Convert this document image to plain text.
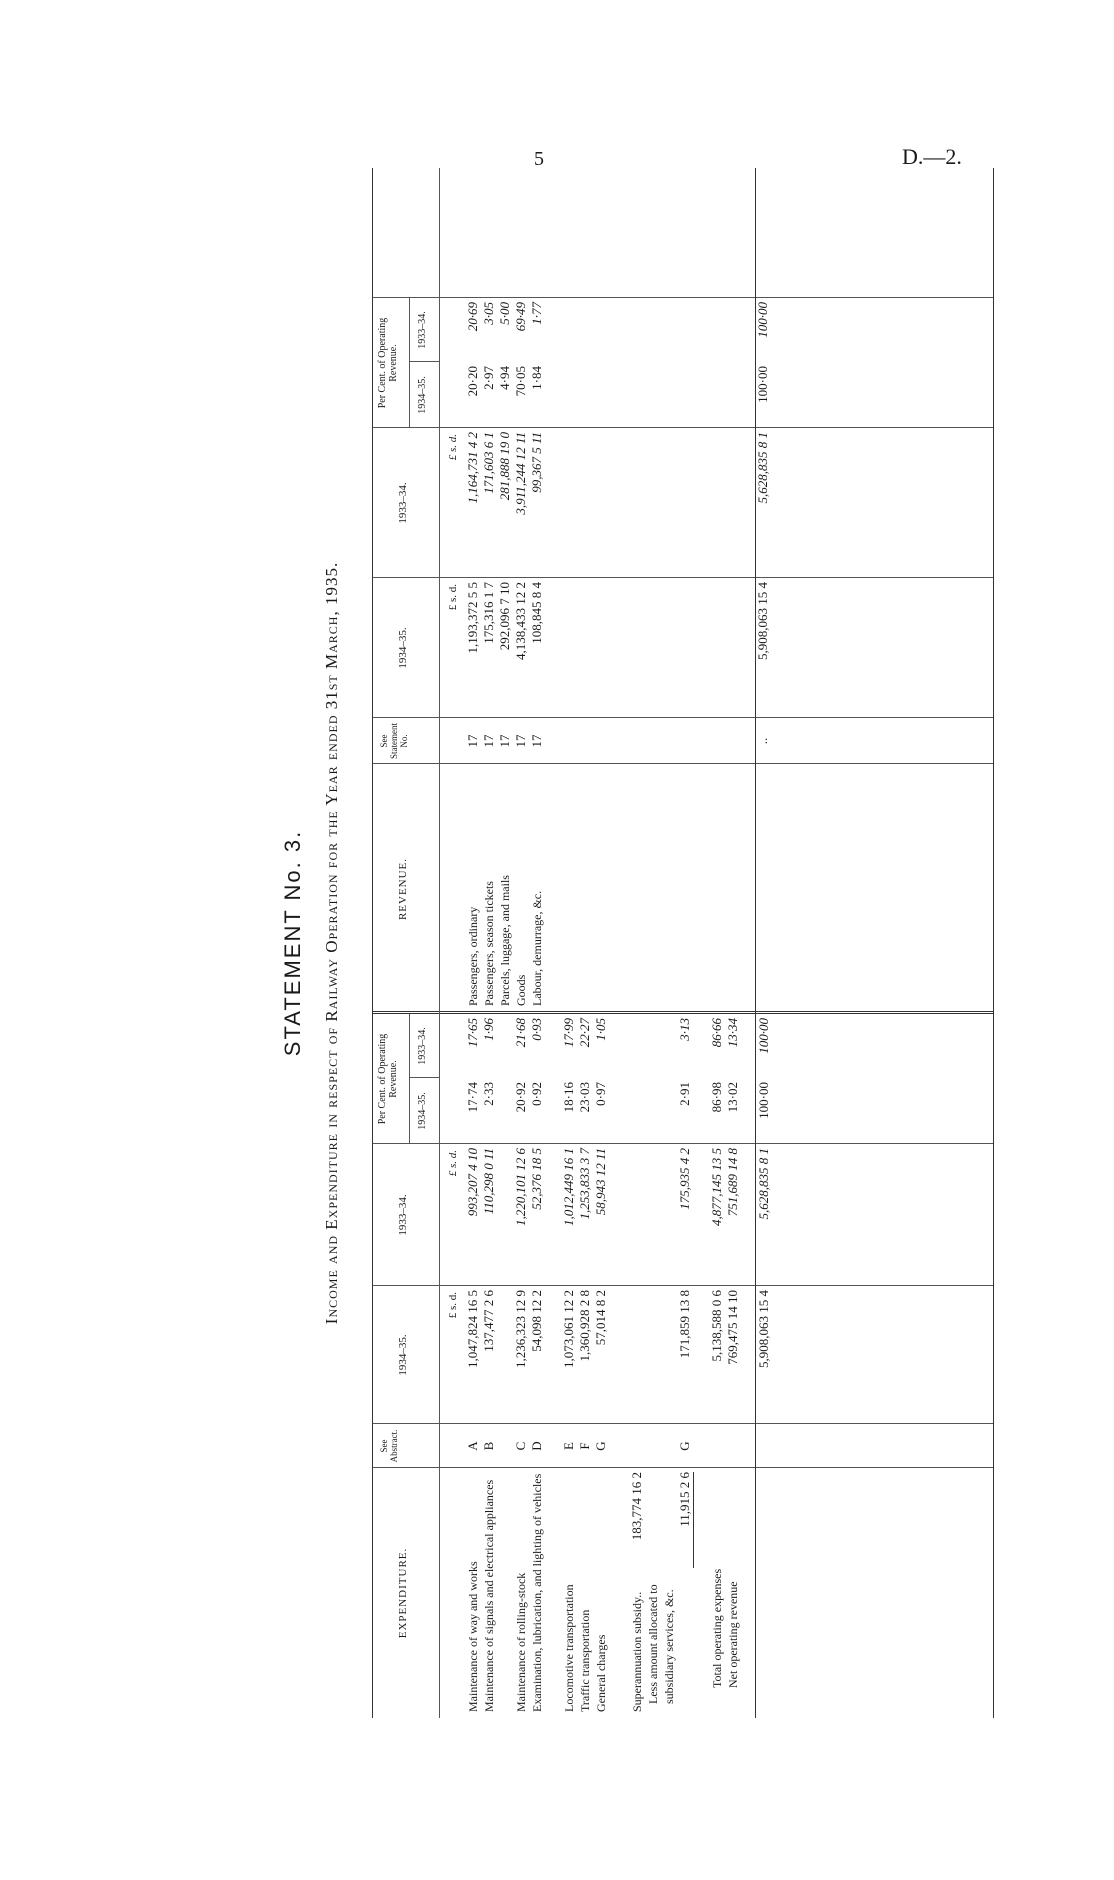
5	D.—2.
STATEMENT No. 3. Income and Expenditure in respect of Railway Operation for the Year ended 31st March, 1935.
EXPENDITURE.
See Abstract.
1934–35.
1933–34.
Per Cent. of Operating Revenue.
1934–35.
1933–34.
REVENUE.
See Statement No.
1934–35.
1933–34.
Per Cent. of Operating Revenue.
1934–35.
1933–34.
£ s. d.
£ s. d.
£ s. d.
£ s. d.
Maintenance of way and works
A
1,047,824 16 5
993,207 4 10
17·74
17·65
Maintenance of signals and electrical appliances
B
137,477 2 6
110,298 0 11
2·33
1·96
Maintenance of rolling-stock
C
1,236,323 12 9
1,220,101 12 6
20·92
21·68
Examination, lubrication, and lighting of vehicles
D
54,098 12 2
52,376 18 5
0·92
0·93
Locomotive transportation
E
1,073,061 12 2
1,012,449 16 1
18·16
17·99
Traffic transportation
F
1,360,928 2 8
1,253,833 3 7
23·03
22·27
General charges
G
57,014 8 2
58,943 12 11
0·97
1·05
Superannuation subsidy..
183,774 16 2
Less amount allocated to subsidiary services, &c.
11,915 2 6
G
171,859 13 8
175,935 4 2
2·91
3·13
Total operating expenses
5,138,588 0 6
4,877,145 13 5
86·98
86·66
Net operating revenue
769,475 14 10
751,689 14 8
13·02
13·34
5,908,063 15 4
5,628,835 8 1
100·00
100·00
Passengers, ordinary
17
1,193,372 5 5
1,164,731 4 2
20·20
20·69
Passengers, season tickets
17
175,316 1 7
171,603 6 1
2·97
3·05
Parcels, luggage, and mails
17
292,096 7 10
281,888 19 0
4·94
5·00
Goods
17
4,138,433 12 2
3,911,244 12 11
70·05
69·49
Labour, demurrage, &c.
17
108,845 8 4
99,367 5 11
1·84
1·77
..
5,908,063 15 4
5,628,835 8 1
100·00
100·00
